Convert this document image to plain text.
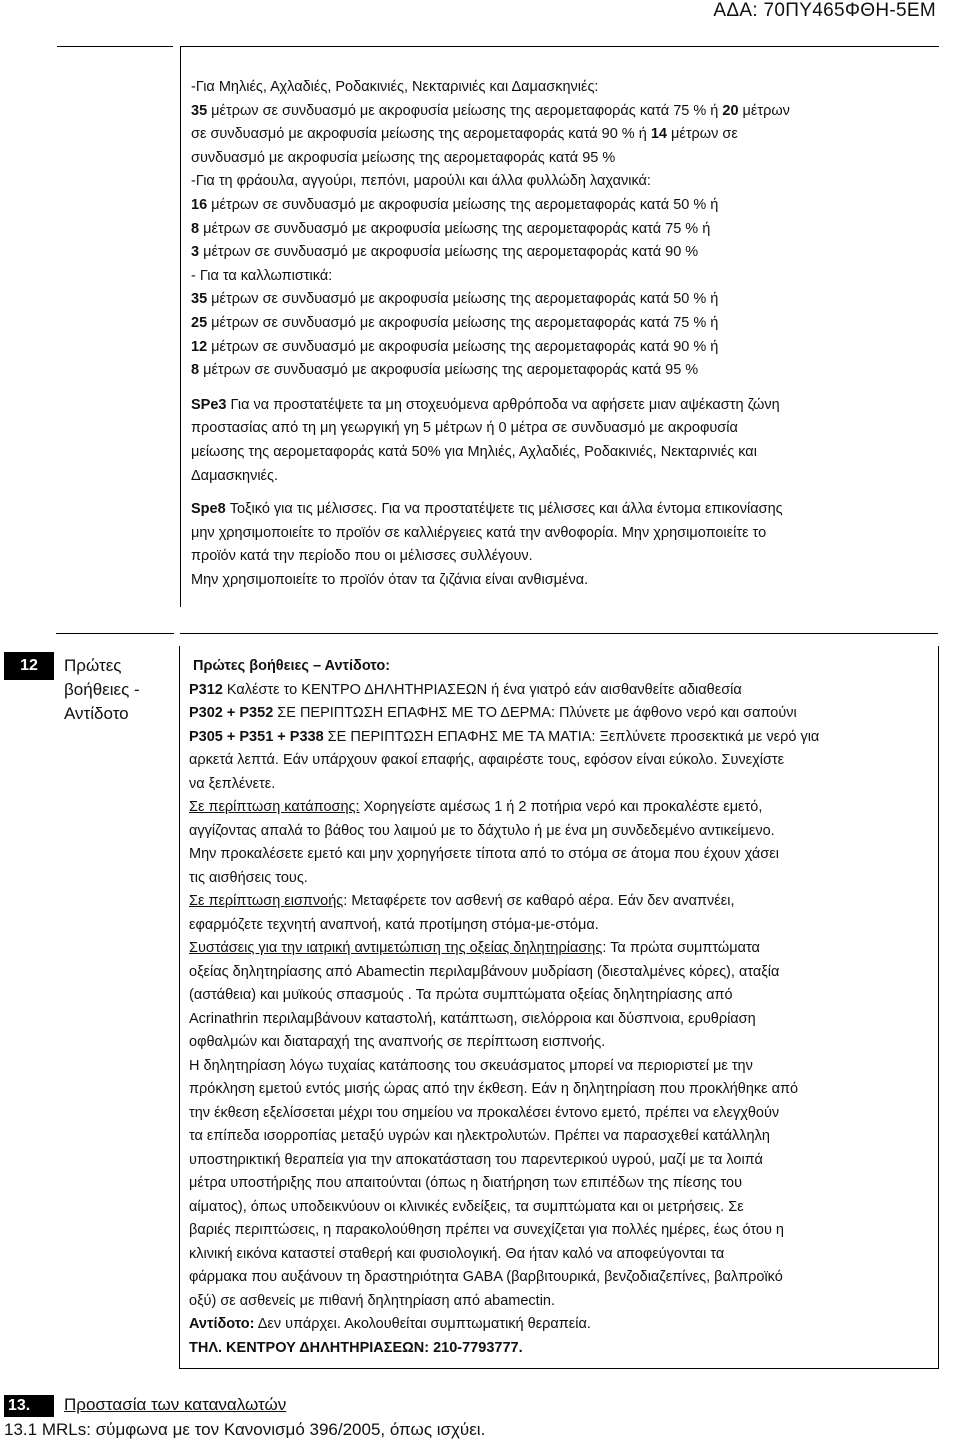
ΑΔΑ: 70ΠΥ465ΦΘΗ-5ΕΜ

-Για Μηλιές, Αχλαδιές, Ροδακινιές, Νεκταρινιές και Δαμασκηνιές:

35 μέτρων σε συνδυασμό με ακροφυσία μείωσης της αερομεταφοράς κατά 75 % ή 20 μέτρων

σε συνδυασμό με ακροφυσία μείωσης της αερομεταφοράς κατά 90 % ή 14 μέτρων σε

συνδυασμό με ακροφυσία μείωσης της αερομεταφοράς κατά 95 %

-Για τη φράουλα, αγγούρι, πεπόνι, μαρούλι και άλλα φυλλώδη λαχανικά:

16 μέτρων σε συνδυασμό με ακροφυσία μείωσης της αερομεταφοράς κατά 50 % ή

8 μέτρων σε συνδυασμό με ακροφυσία μείωσης της αερομεταφοράς κατά 75 % ή

3 μέτρων σε συνδυασμό με ακροφυσία μείωσης της αερομεταφοράς κατά 90 %

- Για τα καλλωπιστικά:

35 μέτρων σε συνδυασμό με ακροφυσία μείωσης της αερομεταφοράς κατά 50 % ή

25 μέτρων σε συνδυασμό με ακροφυσία μείωσης της αερομεταφοράς κατά 75 % ή

12 μέτρων σε συνδυασμό με ακροφυσία μείωσης της αερομεταφοράς κατά 90 % ή

8 μέτρων σε συνδυασμό με ακροφυσία μείωσης της αερομεταφοράς κατά 95 %

SPe3 Για να προστατέψετε τα μη στοχευόμενα αρθρόποδα να αφήσετε μιαν αψέκαστη ζώνη

προστασίας από τη μη γεωργική γη 5 μέτρων ή 0 μέτρα σε συνδυασμό με ακροφυσία

μείωσης της αερομεταφοράς κατά 50% για Μηλιές, Αχλαδιές, Ροδακινιές, Νεκταρινιές και

Δαμασκηνιές.

Spe8 Τοξικό για τις μέλισσες. Για να προστατέψετε τις μέλισσες και άλλα έντομα επικονίασης

μην χρησιμοποιείτε το προϊόν σε καλλιέργειες κατά την ανθοφορία. Μην χρησιμοποιείτε το

προϊόν κατά την περίοδο που οι μέλισσες συλλέγουν.

Μην χρησιμοποιείτε το προϊόν όταν τα ζιζάνια είναι ανθισμένα.

12	Πρώτες
βοήθειες -
Αντίδοτο

Πρώτες βοήθειες – Αντίδοτο:

P312 Καλέστε το ΚΕΝΤΡΟ ΔΗΛΗΤΗΡΙΑΣΕΩΝ ή ένα γιατρό εάν αισθανθείτε αδιαθεσία

P302 + P352 ΣΕ ΠΕΡΙΠΤΩΣΗ ΕΠΑΦΗΣ ΜΕ ΤΟ ΔΕΡΜΑ: Πλύνετε με άφθονο νερό και σαπούνι

P305 + P351 + P338 ΣΕ ΠΕΡΙΠΤΩΣΗ ΕΠΑΦΗΣ ΜΕ ΤΑ ΜΑΤΙΑ: Ξεπλύνετε προσεκτικά με νερό για

αρκετά λεπτά. Εάν υπάρχουν φακοί επαφής, αφαιρέστε τους, εφόσον είναι εύκολο. Συνεχίστε

να ξεπλένετε.

Σε περίπτωση κατάποσης: Χορηγείστε αμέσως 1 ή 2 ποτήρια νερό και προκαλέστε εμετό,

αγγίζοντας απαλά το βάθος του λαιμού με το δάχτυλο ή με ένα μη συνδεδεμένο αντικείμενο.

Μην προκαλέσετε εμετό και μην χορηγήσετε τίποτα από το στόμα σε άτομα που έχουν χάσει

τις αισθήσεις τους.

Σε περίπτωση εισπνοής: Μεταφέρετε τον ασθενή σε καθαρό αέρα. Εάν δεν αναπνέει,

εφαρμόζετε τεχνητή αναπνοή, κατά προτίμηση στόμα-με-στόμα.

Συστάσεις για την ιατρική αντιμετώπιση της οξείας δηλητηρίασης: Τα πρώτα συμπτώματα

οξείας δηλητηρίασης από Abamectin περιλαμβάνουν μυδρίαση (διεσταλμένες κόρες), αταξία

(αστάθεια) και μυϊκούς σπασμούς . Τα πρώτα συμπτώματα οξείας δηλητηρίασης από

Acrinathrin περιλαμβάνουν καταστολή, κατάπτωση, σιελόρροια και δύσπνοια, ερυθρίαση

οφθαλμών και διαταραχή της αναπνοής σε περίπτωση εισπνοής.

Η δηλητηρίαση λόγω τυχαίας κατάποσης του σκευάσματος μπορεί να περιοριστεί με την

πρόκληση εμετού εντός μισής ώρας από την έκθεση. Εάν η δηλητηρίαση που προκλήθηκε από

την έκθεση εξελίσσεται μέχρι του σημείου να προκαλέσει έντονο εμετό, πρέπει να ελεγχθούν

τα επίπεδα ισορροπίας μεταξύ υγρών και ηλεκτρολυτών. Πρέπει να παρασχεθεί κατάλληλη

υποστηρικτική θεραπεία για την αποκατάσταση του παρεντερικού υγρού, μαζί με τα λοιπά

μέτρα υποστήριξης που απαιτούνται (όπως η διατήρηση των επιπέδων της πίεσης του

αίματος), όπως υποδεικνύουν οι κλινικές ενδείξεις, τα συμπτώματα και οι μετρήσεις. Σε

βαριές περιπτώσεις, η παρακολούθηση πρέπει να συνεχίζεται για πολλές ημέρες, έως ότου η

κλινική εικόνα καταστεί σταθερή και φυσιολογική. Θα ήταν καλό να αποφεύγονται τα

φάρμακα που αυξάνουν τη δραστηριότητα GABA (βαρβιτουρικά, βενζοδιαζεπίνες, βαλπροϊκό

οξύ) σε ασθενείς με πιθανή δηλητηρίαση από abamectin.

Αντίδοτο: Δεν υπάρχει. Ακολουθείται συμπτωματική θεραπεία.

ΤΗΛ. ΚΕΝΤΡΟΥ ΔΗΛΗΤΗΡΙΑΣΕΩΝ: 210-7793777.

13.	Προστασία των καταναλωτών
13.1 MRLs: σύμφωνα με τον Κανονισμό 396/2005, όπως ισχύει.
